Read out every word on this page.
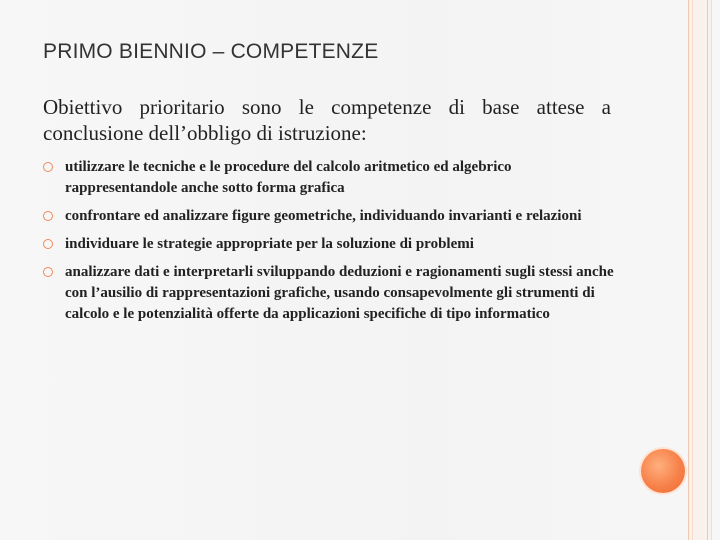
PRIMO BIENNIO – COMPETENZE
Obiettivo prioritario sono le competenze di base attese a conclusione dell’obbligo di istruzione:
utilizzare le tecniche e le procedure del calcolo aritmetico ed algebrico rappresentandole anche sotto forma grafica
confrontare ed analizzare figure geometriche, individuando invarianti e relazioni
individuare le strategie appropriate per la soluzione di problemi
analizzare dati e interpretarli sviluppando deduzioni e ragionamenti sugli stessi anche con l’ausilio di rappresentazioni grafiche, usando consapevolmente gli strumenti di calcolo e le potenzialità offerte da applicazioni specifiche di tipo informatico
